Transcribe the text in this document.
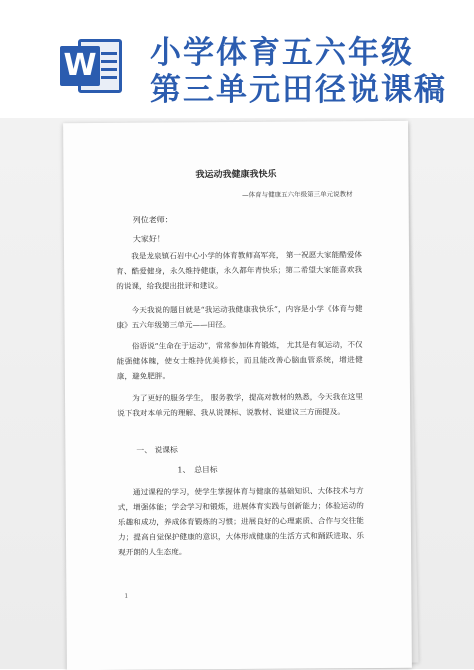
W 小学体育五六年级
第三单元田径说课稿
我运动我健康我快乐
—体育与健康五六年级第三单元说教材
列位老师：
大家好！

我是龙泉镇石岩中心小学的体育教师高军亮， 第一祝愿大家能酷爱体育、酷爱健身，永久维持健康，永久都年青快乐；第二希望大家能喜欢我的说课，给我提出批评和建议。

今天我说的题目就是“我运动我健康我快乐”，内容是小学《体育与健康》五六年级第三单元——田径。

俗语说“生命在于运动”，常常参加体育锻炼， 尤其是有氧运动，不仅能强健体魄，使女士维持优美修长，而且能改善心脑血管系统，增进健康，避免肥胖。

为了更好的服务学生， 服务教学，提高对教材的熟悉，今天我在这里说下我对本单元的理解、我从说课标、说教材、说建议三方面提及。

一、 说课标
1、　总目标

通过课程的学习，使学生掌握体育与健康的基础知识、大体技术与方式，增强体能；学会学习和锻炼，进展体育实践与创新能力；体验运动的乐趣和成功，养成体育锻炼的习惯；进展良好的心理素质、合作与交往能力；提高自觉保护健康的意识，大体形成健康的生活方式和踊跃进取、乐观开朗的人生态度。

1
